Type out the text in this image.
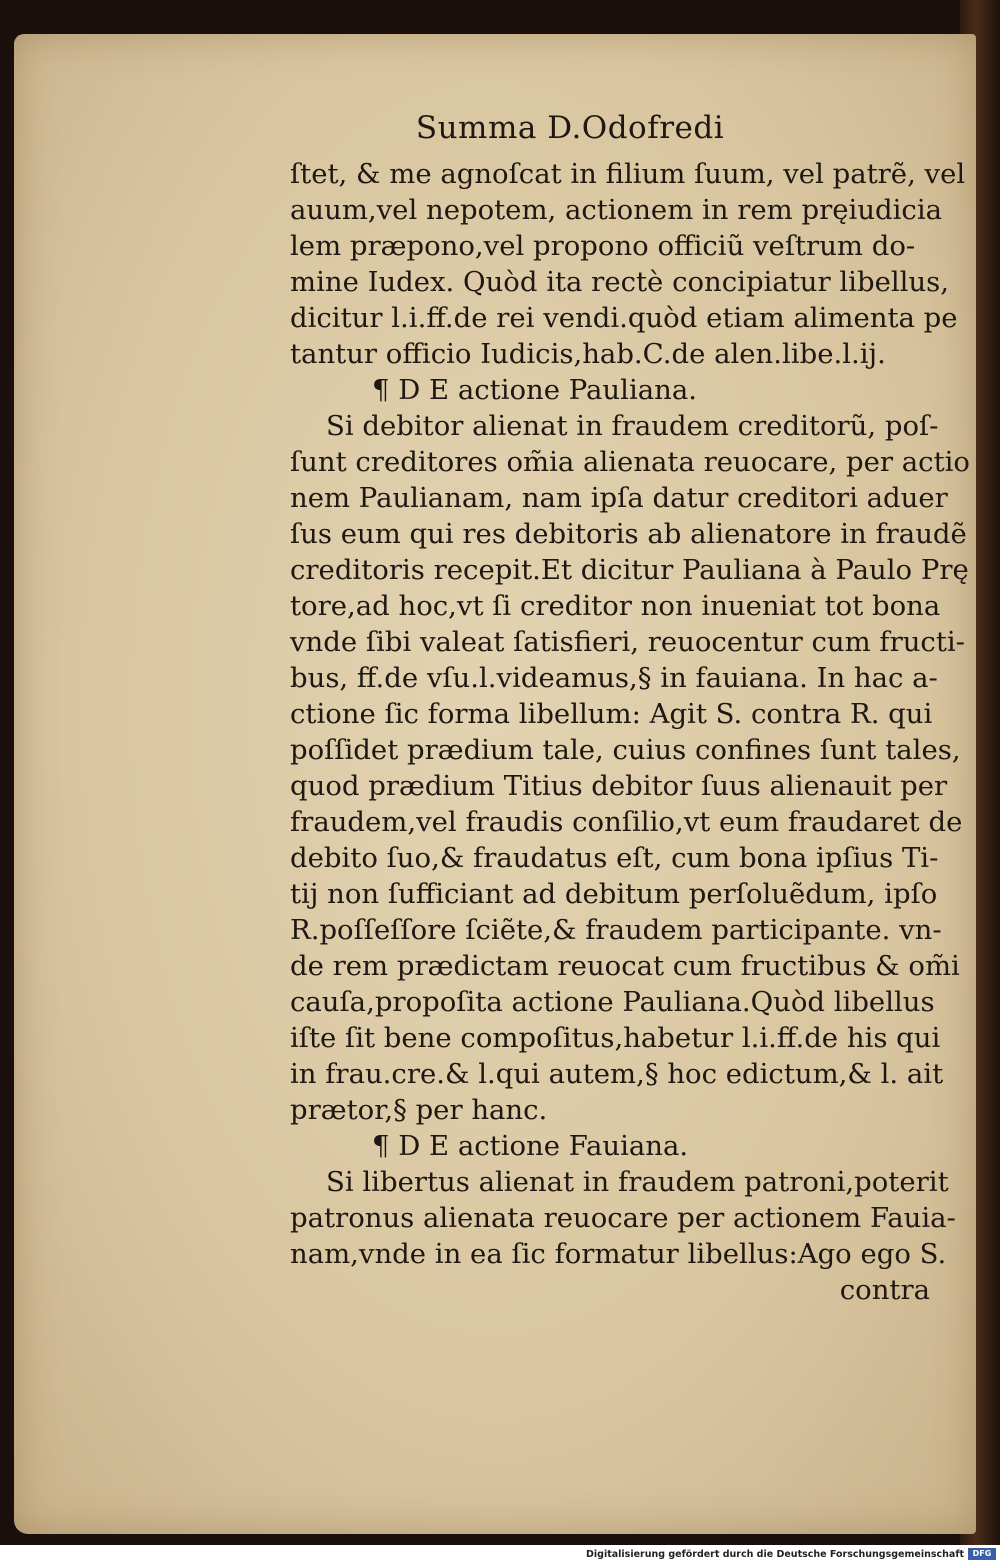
Summa D.Odofredi
ſtet, & me agnoſcat in filium ſuum, vel patrẽ, vel
auum,vel nepotem, actionem in rem pręiudicia
lem præpono,vel propono officiũ veſtrum do-
mine Iudex. Quòd ita rectè concipiatur libellus,
dicitur l.i.ff.de rei vendi.quòd etiam alimenta pe
tantur officio Iudicis,hab.C.de alen.libe.l.ij.
¶ D E actione Pauliana.
Si debitor alienat in fraudem creditorũ, poſ-
ſunt creditores om̃ia alienata reuocare, per actio
nem Paulianam, nam ipſa datur creditori aduer
ſus eum qui res debitoris ab alienatore in fraudẽ
creditoris recepit.Et dicitur Pauliana à Paulo Prę
tore,ad hoc,vt ſi creditor non inueniat tot bona
vnde ſibi valeat ſatisfieri, reuocentur cum fructi-
bus, ff.de vſu.l.videamus,§ in fauiana. In hac a-
ctione ſic forma libellum: Agit S. contra R. qui
poſſidet prædium tale, cuius confines ſunt tales,
quod prædium Titius debitor ſuus alienauit per
fraudem,vel fraudis conſilio,vt eum fraudaret de
debito ſuo,& fraudatus eſt, cum bona ipſius Ti-
tij non ſufficiant ad debitum perſoluẽdum, ipſo
R.poſſeſſore ſciẽte,& fraudem participante. vn-
de rem prædictam reuocat cum fructibus & om̃i
cauſa,propoſita actione Pauliana.Quòd libellus
iſte ſit bene compoſitus,habetur l.i.ff.de his qui
in frau.cre.& l.qui autem,§ hoc edictum,& l. ait
prætor,§ per hanc.
¶ D E actione Fauiana.
Si libertus alienat in fraudem patroni,poterit
patronus alienata reuocare per actionem Fauia-
nam,vnde in ea ſic formatur libellus:Ago ego S.
contra
Digitalisierung gefördert durch die Deutsche Forschungsgemeinschaft	DFG
